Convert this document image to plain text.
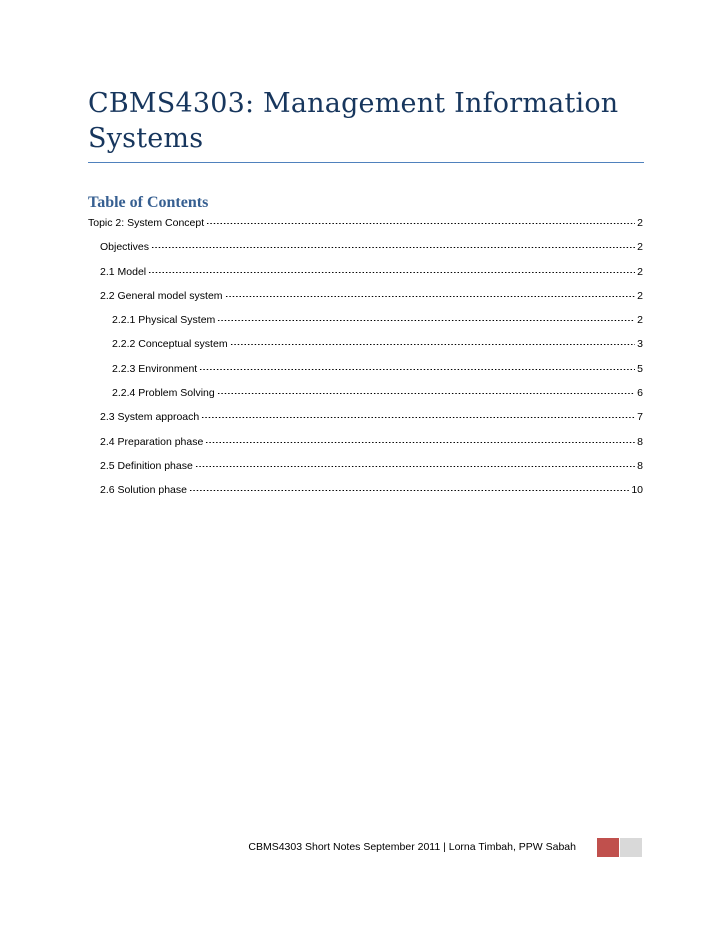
CBMS4303: Management Information Systems
Table of Contents
Topic 2: System Concept	2
Objectives	2
2.1 Model	2
2.2 General model system	2
2.2.1 Physical System	2
2.2.2 Conceptual system	3
2.2.3 Environment	5
2.2.4 Problem Solving	6
2.3 System approach	7
2.4 Preparation phase	8
2.5 Definition phase	8
2.6 Solution phase	10
CBMS4303 Short Notes September 2011 | Lorna Timbah, PPW Sabah
